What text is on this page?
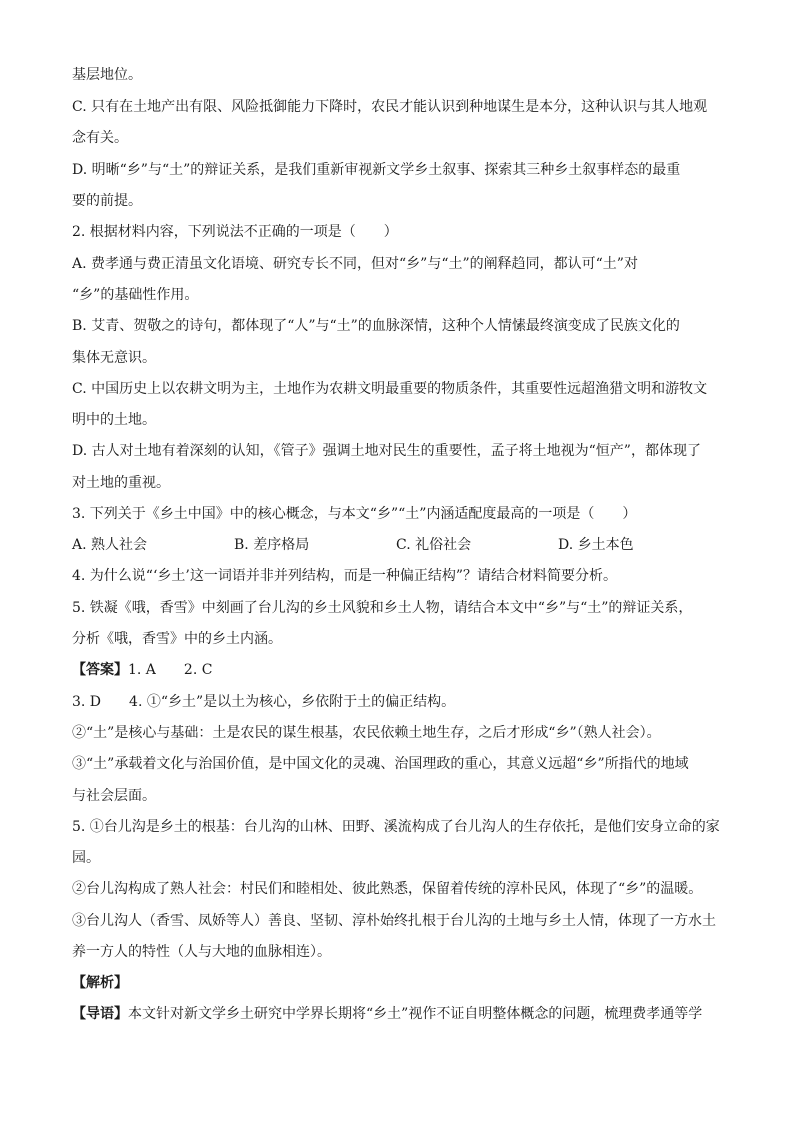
基层地位。
C. 只有在土地产出有限、风险抵御能力下降时，农民才能认识到种地谋生是本分，这种认识与其人地观
念有关。
D. 明晰“乡”与“土”的辩证关系，是我们重新审视新文学乡土叙事、探索其三种乡土叙事样态的最重
要的前提。
2. 根据材料内容，下列说法不正确的一项是（　　）
A. 费孝通与费正清虽文化语境、研究专长不同，但对“乡”与“土”的阐释趋同，都认可“土”对
“乡”的基础性作用。
B. 艾青、贺敬之的诗句，都体现了“人”与“土”的血脉深情，这种个人情愫最终演变成了民族文化的
集体无意识。
C. 中国历史上以农耕文明为主，土地作为农耕文明最重要的物质条件，其重要性远超渔猎文明和游牧文
明中的土地。
D. 古人对土地有着深刻的认知，《管子》强调土地对民生的重要性，孟子将土地视为“恒产”，都体现了
对土地的重视。
3. 下列关于《乡土中国》中的核心概念，与本文“乡”“土”内涵适配度最高的一项是（　　）
A. 熟人社会	B. 差序格局	C. 礼俗社会	D. 乡土本色
4. 为什么说“‘乡土’这一词语并非并列结构，而是一种偏正结构”？请结合材料简要分析。
5. 铁凝《哦，香雪》中刻画了台儿沟的乡土风貌和乡土人物，请结合本文中“乡”与“土”的辩证关系，
分析《哦，香雪》中的乡土内涵。
【答案】1. A　　2. C
3. D　　4. ①“乡土”是以土为核心，乡依附于土的偏正结构。
②“土”是核心与基础：土是农民的谋生根基，农民依赖土地生存，之后才形成“乡”（熟人社会）。
③“土”承载着文化与治国价值，是中国文化的灵魂、治国理政的重心，其意义远超“乡”所指代的地域
与社会层面。
5. ①台儿沟是乡土的根基：台儿沟的山林、田野、溪流构成了台儿沟人的生存依托，是他们安身立命的家
园。
②台儿沟构成了熟人社会：村民们和睦相处、彼此熟悉，保留着传统的淳朴民风，体现了“乡”的温暖。
③台儿沟人（香雪、凤娇等人）善良、坚韧、淳朴始终扎根于台儿沟的土地与乡土人情，体现了一方水土
养一方人的特性（人与大地的血脉相连）。
【解析】
【导语】本文针对新文学乡土研究中学界长期将“乡土”视作不证自明整体概念的问题，梳理费孝通等学
